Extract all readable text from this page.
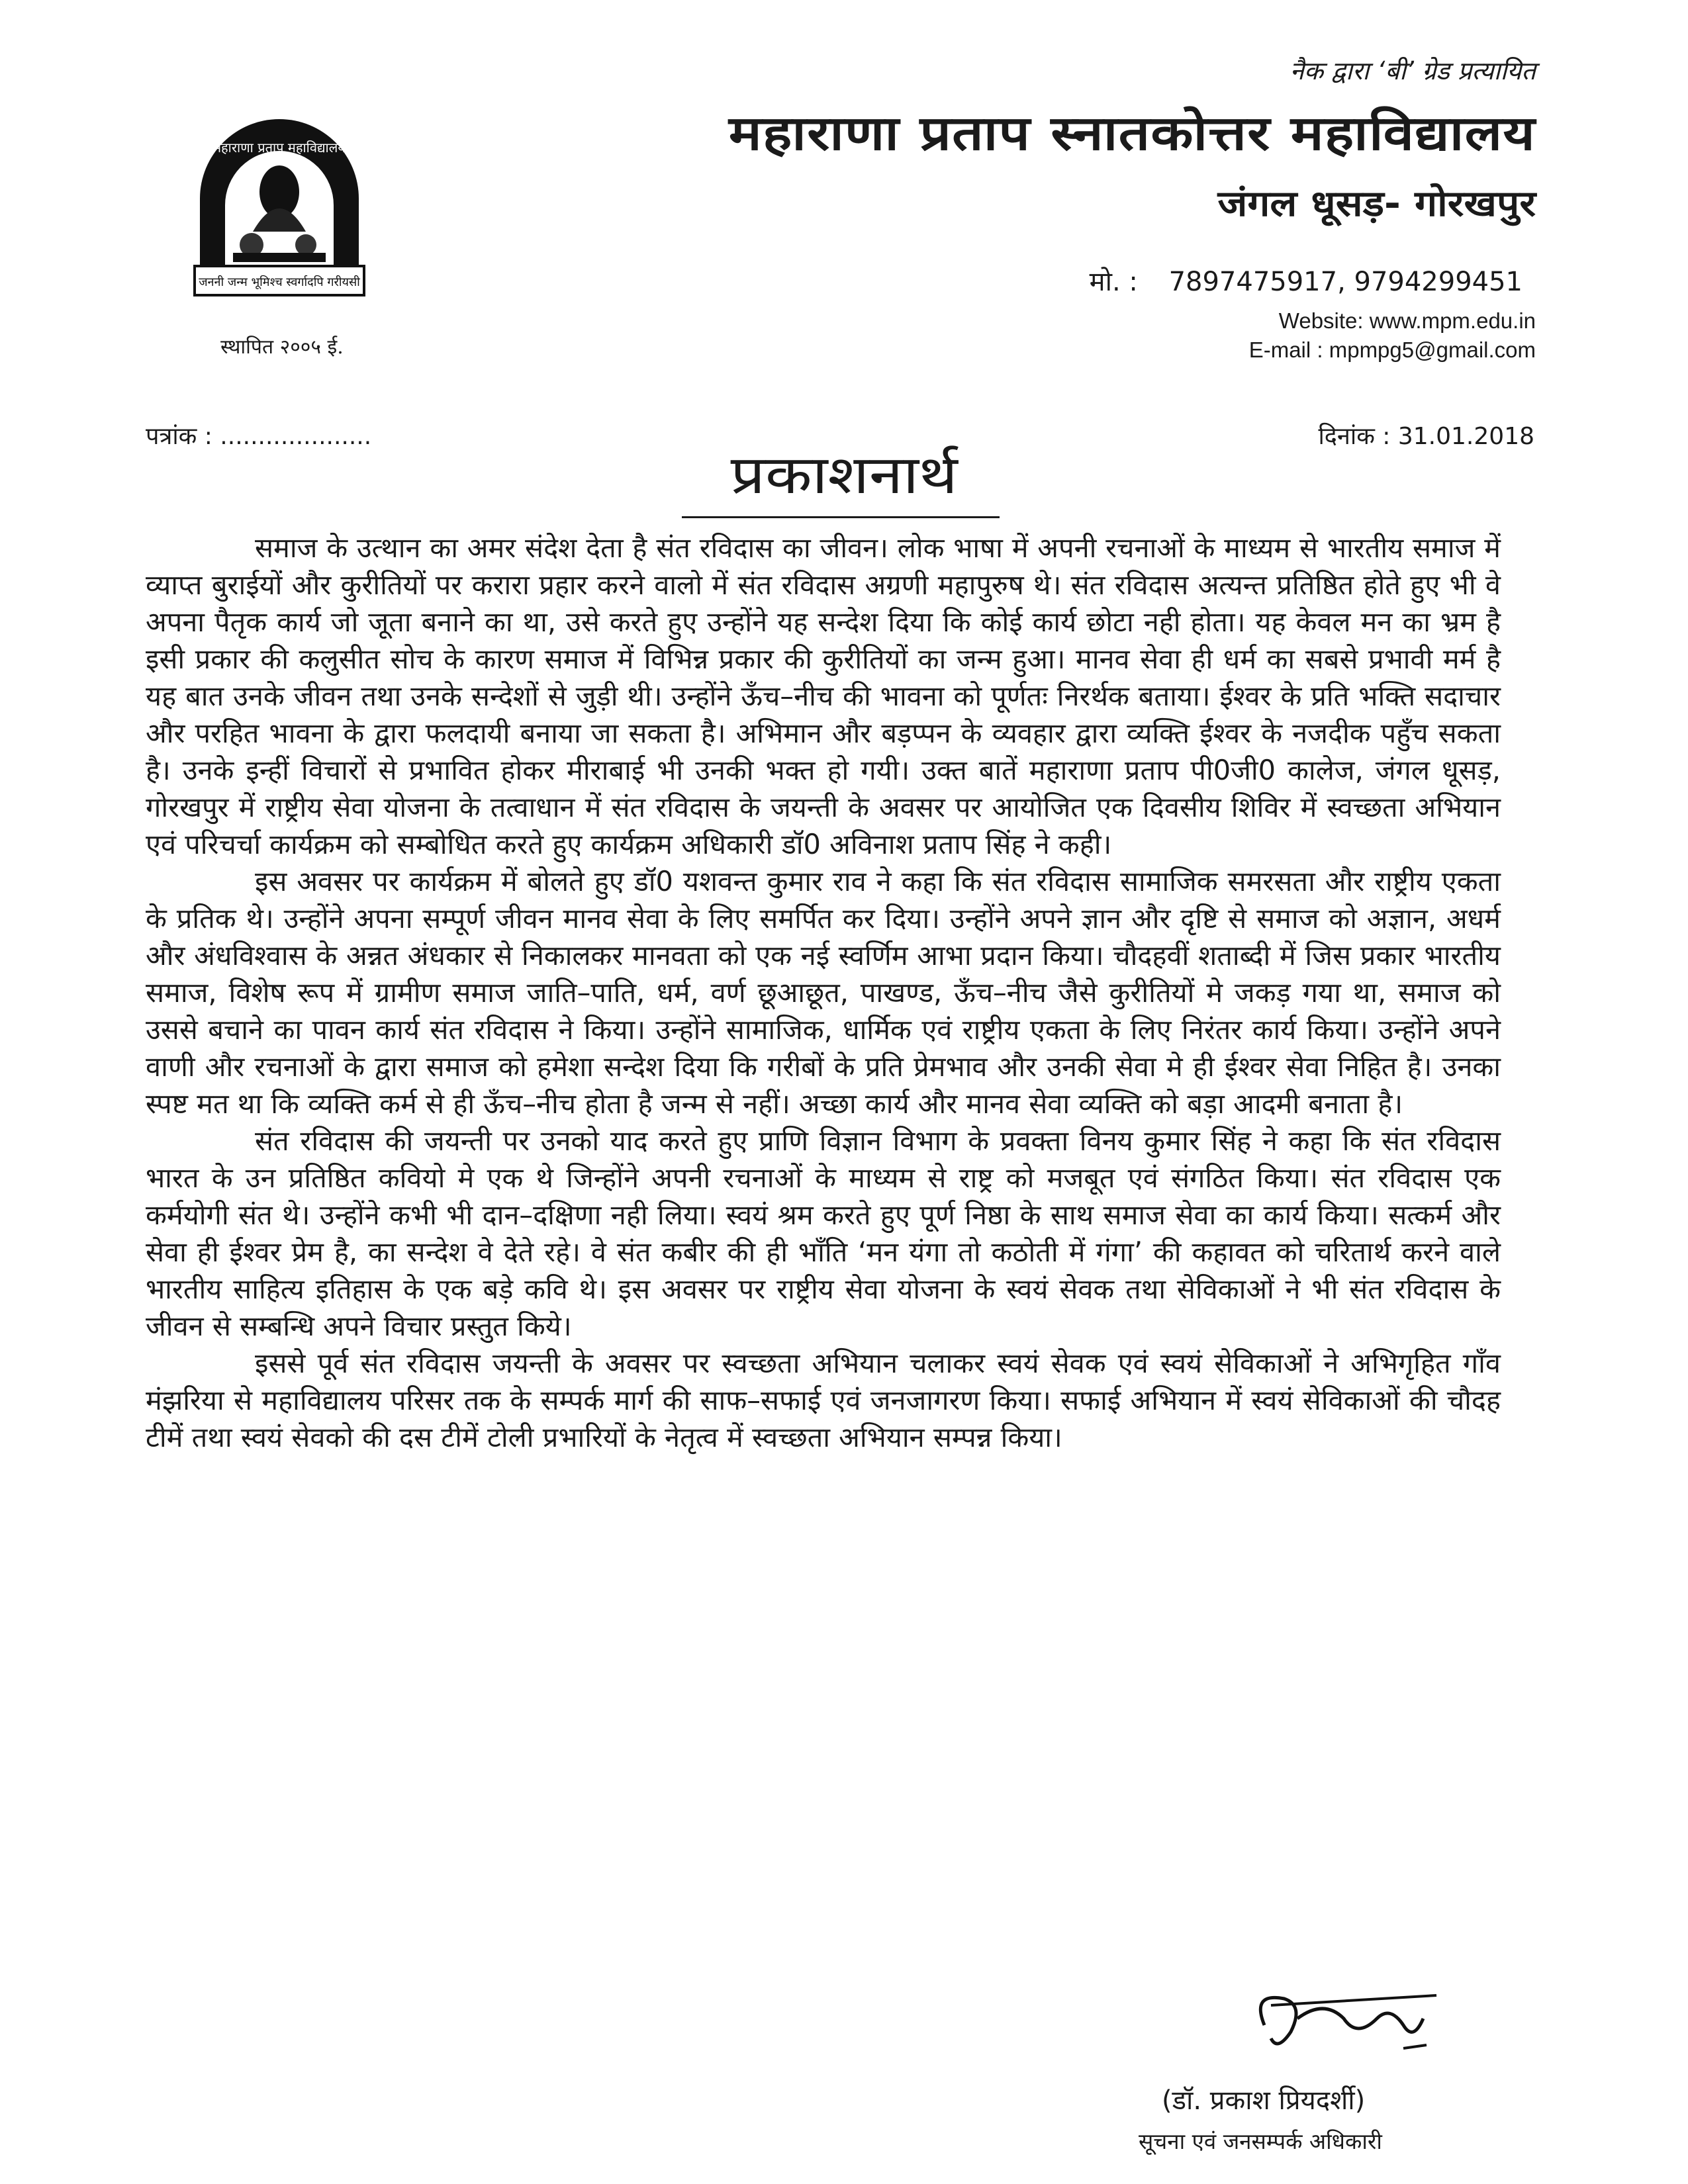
महाराणा प्रताप महाविद्यालय
जननी जन्म भूमिश्च स्वर्गादपि गरीयसी
स्थापित २००५ ई.
नैक द्वारा ‘बी’ ग्रेड प्रत्यायित
महाराणा प्रताप स्नातकोत्तर महाविद्यालय
जंगल धूसड़- गोरखपुर
मो. : 7897475917, 9794299451
Website: www.mpm.edu.in
E-mail : mpmpg5@gmail.com
पत्रांक : ....................	दिनांक : 31.01.2018
प्रकाशनार्थ

समाज के उत्थान का अमर संदेश देता है संत रविदास का जीवन। लोक भाषा में अपनी रचनाओं के माध्यम से भारतीय समाज में व्याप्त बुराईयों और कुरीतियों पर करारा प्रहार करने वालो में संत रविदास अग्रणी महापुरुष थे। संत रविदास अत्यन्त प्रतिष्ठित होते हुए भी वे अपना पैतृक कार्य जो जूता बनाने का था, उसे करते हुए उन्होंने यह सन्देश दिया कि कोई कार्य छोटा नही होता। यह केवल मन का भ्रम है इसी प्रकार की कलुसीत सोच के कारण समाज में विभिन्न प्रकार की कुरीतियों का जन्म हुआ। मानव सेवा ही धर्म का सबसे प्रभावी मर्म है यह बात उनके जीवन तथा उनके सन्देशों से जुड़ी थी। उन्होंने ऊँच–नीच की भावना को पूर्णतः निरर्थक बताया। ईश्वर के प्रति भक्ति सदाचार और परहित भावना के द्वारा फलदायी बनाया जा सकता है। अभिमान और बड़प्पन के व्यवहार द्वारा व्यक्ति ईश्वर के नजदीक पहुँच सकता है। उनके इन्हीं विचारों से प्रभावित होकर मीराबाई भी उनकी भक्त हो गयी। उक्त बातें महाराणा प्रताप पी0जी0 कालेज, जंगल धूसड़, गोरखपुर में राष्ट्रीय सेवा योजना के तत्वाधान में संत रविदास के जयन्ती के अवसर पर आयोजित एक दिवसीय शिविर में स्वच्छता अभियान एवं परिचर्चा कार्यक्रम को सम्बोधित करते हुए कार्यक्रम अधिकारी डॉ0 अविनाश प्रताप सिंह ने कही।

इस अवसर पर कार्यक्रम में बोलते हुए डॉ0 यशवन्त कुमार राव ने कहा कि संत रविदास सामाजिक समरसता और राष्ट्रीय एकता के प्रतिक थे। उन्होंने अपना सम्पूर्ण जीवन मानव सेवा के लिए समर्पित कर दिया। उन्होंने अपने ज्ञान और दृष्टि से समाज को अज्ञान, अधर्म और अंधविश्वास के अन्नत अंधकार से निकालकर मानवता को एक नई स्वर्णिम आभा प्रदान किया। चौदहवीं शताब्दी में जिस प्रकार भारतीय समाज, विशेष रूप में ग्रामीण समाज जाति–पाति, धर्म, वर्ण छूआछूत, पाखण्ड, ऊँच–नीच जैसे कुरीतियों मे जकड़ गया था, समाज को उससे बचाने का पावन कार्य संत रविदास ने किया। उन्होंने सामाजिक, धार्मिक एवं राष्ट्रीय एकता के लिए निरंतर कार्य किया। उन्होंने अपने वाणी और रचनाओं के द्वारा समाज को हमेशा सन्देश दिया कि गरीबों के प्रति प्रेमभाव और उनकी सेवा मे ही ईश्वर सेवा निहित है। उनका स्पष्ट मत था कि व्यक्ति कर्म से ही ऊँच–नीच होता है जन्म से नहीं। अच्छा कार्य और मानव सेवा व्यक्ति को बड़ा आदमी बनाता है।

संत रविदास की जयन्ती पर उनको याद करते हुए प्राणि विज्ञान विभाग के प्रवक्ता विनय कुमार सिंह ने कहा कि संत रविदास भारत के उन प्रतिष्ठित कवियो मे एक थे जिन्होंने अपनी रचनाओं के माध्यम से राष्ट्र को मजबूत एवं संगठित किया। संत रविदास एक कर्मयोगी संत थे। उन्होंने कभी भी दान–दक्षिणा नही लिया। स्वयं श्रम करते हुए पूर्ण निष्ठा के साथ समाज सेवा का कार्य किया। सत्कर्म और सेवा ही ईश्वर प्रेम है, का सन्देश वे देते रहे। वे संत कबीर की ही भाँति ‘मन यंगा तो कठोती में गंगा’ की कहावत को चरितार्थ करने वाले भारतीय साहित्य इतिहास के एक बड़े कवि थे। इस अवसर पर राष्ट्रीय सेवा योजना के स्वयं सेवक तथा सेविकाओं ने भी संत रविदास के जीवन से सम्बन्धि अपने विचार प्रस्तुत किये।

इससे पूर्व संत रविदास जयन्ती के अवसर पर स्वच्छता अभियान चलाकर स्वयं सेवक एवं स्वयं सेविकाओं ने अभिगृहित गाँव मंझरिया से महाविद्यालय परिसर तक के सम्पर्क मार्ग की साफ–सफाई एवं जनजागरण किया। सफाई अभियान में स्वयं सेविकाओं की चौदह टीमें तथा स्वयं सेवको की दस टीमें टोली प्रभारियों के नेतृत्व में स्वच्छता अभियान सम्पन्न किया।

(डॉ. प्रकाश प्रियदर्शी)
सूचना एवं जनसम्पर्क अधिकारी
